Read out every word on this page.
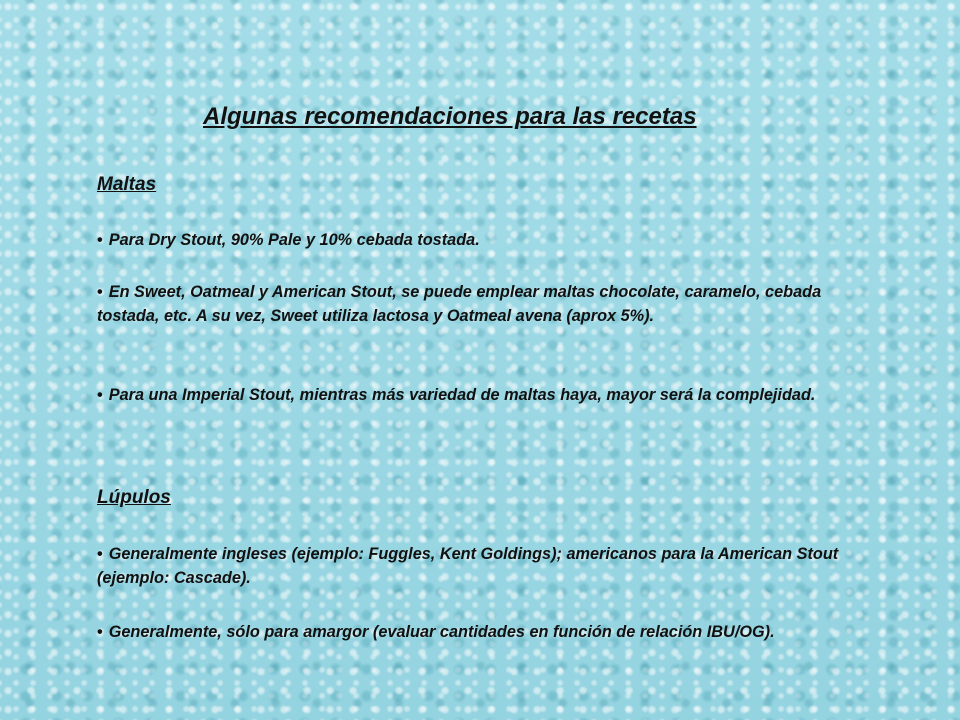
Algunas recomendaciones para las recetas
Maltas

• Para Dry Stout, 90% Pale y 10% cebada tostada.

• En Sweet, Oatmeal y American Stout, se puede emplear maltas chocolate, caramelo, cebada tostada, etc. A su vez, Sweet utiliza lactosa y Oatmeal avena (aprox 5%).

• Para una Imperial Stout, mientras más variedad de maltas haya, mayor será la complejidad.

Lúpulos

• Generalmente ingleses (ejemplo: Fuggles, Kent Goldings); americanos para la American Stout (ejemplo: Cascade).

• Generalmente, sólo para amargor (evaluar cantidades en función de relación IBU/OG).
